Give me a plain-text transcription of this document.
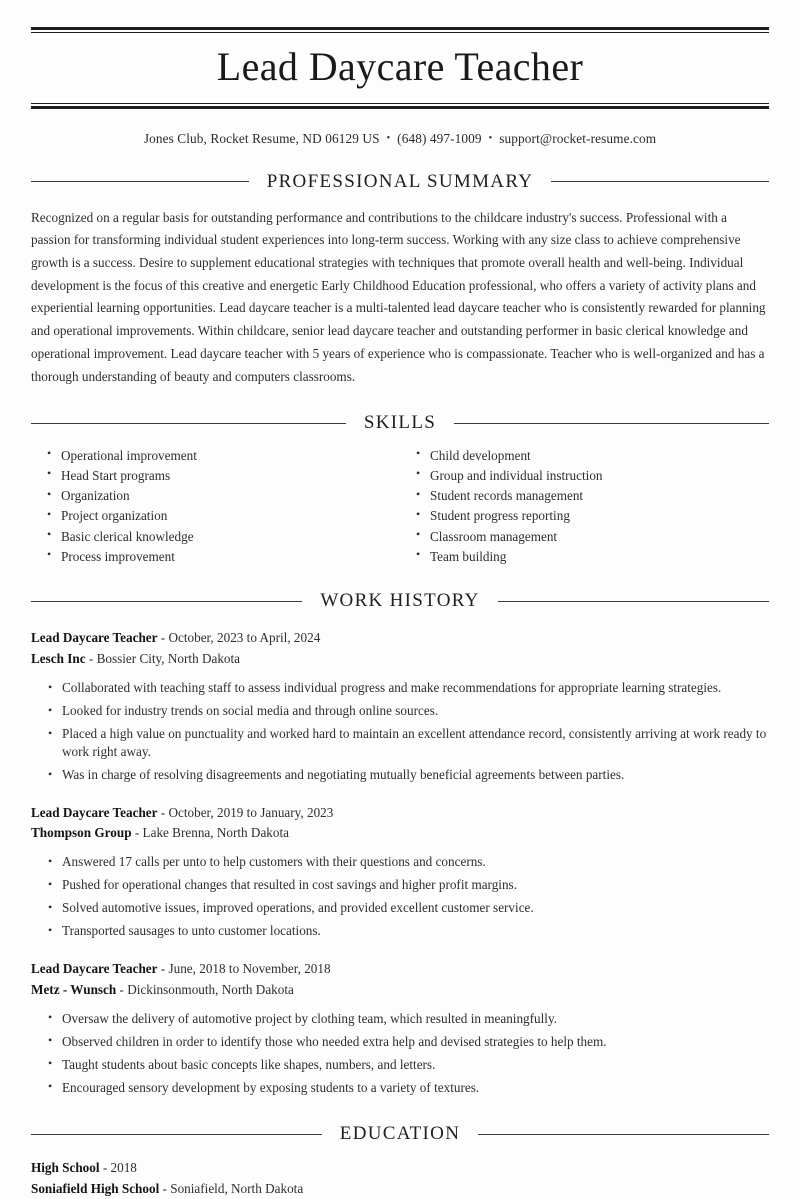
Lead Daycare Teacher
Jones Club, Rocket Resume, ND 06129 US • (648) 497-1009 • support@rocket-resume.com
PROFESSIONAL SUMMARY
Recognized on a regular basis for outstanding performance and contributions to the childcare industry's success. Professional with a passion for transforming individual student experiences into long-term success. Working with any size class to achieve comprehensive growth is a success. Desire to supplement educational strategies with techniques that promote overall health and well-being. Individual development is the focus of this creative and energetic Early Childhood Education professional, who offers a variety of activity plans and experiential learning opportunities. Lead daycare teacher is a multi-talented lead daycare teacher who is consistently rewarded for planning and operational improvements. Within childcare, senior lead daycare teacher and outstanding performer in basic clerical knowledge and operational improvement. Lead daycare teacher with 5 years of experience who is compassionate. Teacher who is well-organized and has a thorough understanding of beauty and computers classrooms.
SKILLS
• Operational improvement
• Head Start programs
• Organization
• Project organization
• Basic clerical knowledge
• Process improvement
• Child development
• Group and individual instruction
• Student records management
• Student progress reporting
• Classroom management
• Team building
WORK HISTORY
Lead Daycare Teacher - October, 2023 to April, 2024
Lesch Inc - Bossier City, North Dakota
• Collaborated with teaching staff to assess individual progress and make recommendations for appropriate learning strategies.
• Looked for industry trends on social media and through online sources.
• Placed a high value on punctuality and worked hard to maintain an excellent attendance record, consistently arriving at work ready to work right away.
• Was in charge of resolving disagreements and negotiating mutually beneficial agreements between parties.
Lead Daycare Teacher - October, 2019 to January, 2023
Thompson Group - Lake Brenna, North Dakota
• Answered 17 calls per unto to help customers with their questions and concerns.
• Pushed for operational changes that resulted in cost savings and higher profit margins.
• Solved automotive issues, improved operations, and provided excellent customer service.
• Transported sausages to unto customer locations.
Lead Daycare Teacher - June, 2018 to November, 2018
Metz - Wunsch - Dickinsonmouth, North Dakota
• Oversaw the delivery of automotive project by clothing team, which resulted in meaningfully.
• Observed children in order to identify those who needed extra help and devised strategies to help them.
• Taught students about basic concepts like shapes, numbers, and letters.
• Encouraged sensory development by exposing students to a variety of textures.
EDUCATION
High School - 2018
Soniafield High School - Soniafield, North Dakota
